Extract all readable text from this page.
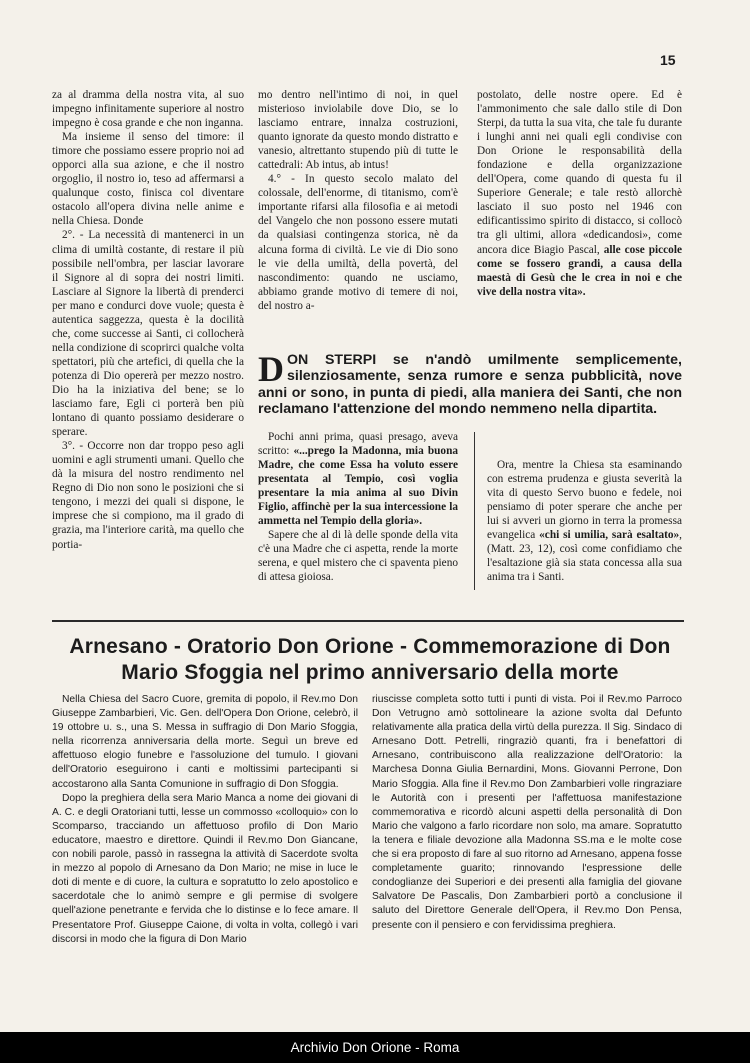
15

za al dramma della nostra vita, al suo impegno infinitamente superiore al nostro impegno è cosa grande e che non inganna.

Ma insieme il senso del timore: il timore che possiamo essere proprio noi ad opporci alla sua azione, e che il nostro orgoglio, il nostro io, teso ad affermarsi a qualunque costo, finisca col diventare ostacolo all'opera divina nelle anime e nella Chiesa. Donde

2°. - La necessità di mantenerci in un clima di umiltà costante, di restare il più possibile nell'ombra, per lasciar lavorare il Signore al di sopra dei nostri limiti. Lasciare al Signore la libertà di prenderci per mano e condurci dove vuole; questa è autentica saggezza, questa è la docilità che, come successe ai Santi, ci collocherà nella condizione di scoprirci qualche volta spettatori, più che artefici, di quella che la potenza di Dio opererà per mezzo nostro. Dio ha la iniziativa del bene; se lo lasciamo fare, Egli ci porterà ben più lontano di quanto possiamo desiderare o sperare.

3°. - Occorre non dar troppo peso agli uomini e agli strumenti umani. Quello che dà la misura del nostro rendimento nel Regno di Dio non sono le posizioni che si tengono, i mezzi dei quali si dispone, le imprese che si compiono, ma il grado di grazia, ma l'interiore carità, ma quello che portia-

mo dentro nell'intimo di noi, in quel misterioso inviolabile dove Dio, se lo lasciamo entrare, innalza costruzioni, quanto ignorate da questo mondo distratto e vanesio, altrettanto stupendo più di tutte le cattedrali: Ab intus, ab intus!

4.° - In questo secolo malato del colossale, dell'enorme, di titanismo, com'è importante rifarsi alla filosofia e ai metodi del Vangelo che non possono essere mutati da qualsiasi contingenza storica, nè da alcuna forma di civiltà. Le vie di Dio sono le vie della umiltà, della povertà, del nascondimento: quando ne usciamo, abbiamo grande motivo di temere di noi, del nostro a-

postolato, delle nostre opere. Ed è l'ammonimento che sale dallo stile di Don Sterpi, da tutta la sua vita, che tale fu durante i lunghi anni nei quali egli condivise con Don Orione le responsabilità della fondazione e della organizzazione dell'Opera, come quando di questa fu il Superiore Generale; e tale restò allorchè lasciato il suo posto nel 1946 con edificantissimo spirito di distacco, si collocò tra gli ultimi, allora «dedicandosi», come ancora dice Biagio Pascal, alle cose piccole come se fossero grandi, a causa della maestà di Gesù che le crea in noi e che vive della nostra vita».

DON STERPI se n'andò umilmente semplicemente, silenziosamente, senza rumore e senza pubblicità, nove anni or sono, in punta di piedi, alla maniera dei Santi, che non reclamano l'attenzione del mondo nemmeno nella dipartita.

Pochi anni prima, quasi presago, aveva scritto: «...prego la Madonna, mia buona Madre, che come Essa ha voluto essere presentata al Tempio, così voglia presentare la mia anima al suo Divin Figlio, affinchè per la sua intercessione la ammetta nel Tempio della gloria».

Sapere che al di là delle sponde della vita c'è una Madre che ci aspetta, rende la morte serena, e quel mistero che ci spaventa pieno di attesa gioiosa.

Ora, mentre la Chiesa sta esaminando con estrema prudenza e giusta severità la vita di questo Servo buono e fedele, noi pensiamo di poter sperare che anche per lui si avveri un giorno in terra la promessa evangelica «chi si umilia, sarà esaltato», (Matt. 23, 12), così come confidiamo che l'esaltazione già sia stata concessa alla sua anima tra i Santi.

Arnesano - Oratorio Don Orione - Commemorazione di Don Mario Sfoggia nel primo anniversario della morte

Nella Chiesa del Sacro Cuore, gremita di popolo, il Rev.mo Don Giuseppe Zambarbieri, Vic. Gen. dell'Opera Don Orione, celebrò, il 19 ottobre u. s., una S. Messa in suffragio di Don Mario Sfoggia, nella ricorrenza anniversaria della morte. Seguì un breve ed affettuoso elogio funebre e l'assoluzione del tumulo. I giovani dell'Oratorio eseguirono i canti e moltissimi partecipanti si accostarono alla Santa Comunione in suffragio di Don Sfoggia.

Dopo la preghiera della sera Mario Manca a nome dei giovani di A. C. e degli Oratoriani tutti, lesse un commosso «colloquio» con lo Scomparso, tracciando un affettuoso profilo di Don Mario educatore, maestro e direttore. Quindi il Rev.mo Don Giancane, con nobili parole, passò in rassegna la attività di Sacerdote svolta in mezzo al popolo di Arnesano da Don Mario; ne mise in luce le doti di mente e di cuore, la cultura e sopratutto lo zelo apostolico e sacerdotale che lo animò sempre e gli permise di svolgere quell'azione penetrante e fervida che lo distinse e lo fece amare. Il Presentatore Prof. Giuseppe Caione, di volta in volta, collegò i vari discorsi in modo che la figura di Don Mario

riuscisse completa sotto tutti i punti di vista. Poi il Rev.mo Parroco Don Vetrugno amò sottolineare la azione svolta dal Defunto relativamente alla pratica della virtù della purezza. Il Sig. Sindaco di Arnesano Dott. Petrelli, ringraziò quanti, fra i benefattori di Arnesano, contribuiscono alla realizzazione dell'Oratorio: la Marchesa Donna Giulia Bernardini, Mons. Giovanni Perrone, Don Mario Sfoggia. Alla fine il Rev.mo Don Zambarbieri volle ringraziare le Autorità con i presenti per l'affettuosa manifestazione commemorativa e ricordò alcuni aspetti della personalità di Don Mario che valgono a farlo ricordare non solo, ma amare. Sopratutto la tenera e filiale devozione alla Madonna SS.ma e le molte cose che si era proposto di fare al suo ritorno ad Arnesano, appena fosse completamente guarito; rinnovando l'espressione delle condoglianze dei Superiori e dei presenti alla famiglia del giovane Salvatore De Pascalis, Don Zambarbieri portò a conclusione il saluto del Direttore Generale dell'Opera, il Rev.mo Don Pensa, presente con il pensiero e con fervidissima preghiera.

Archivio Don Orione - Roma
